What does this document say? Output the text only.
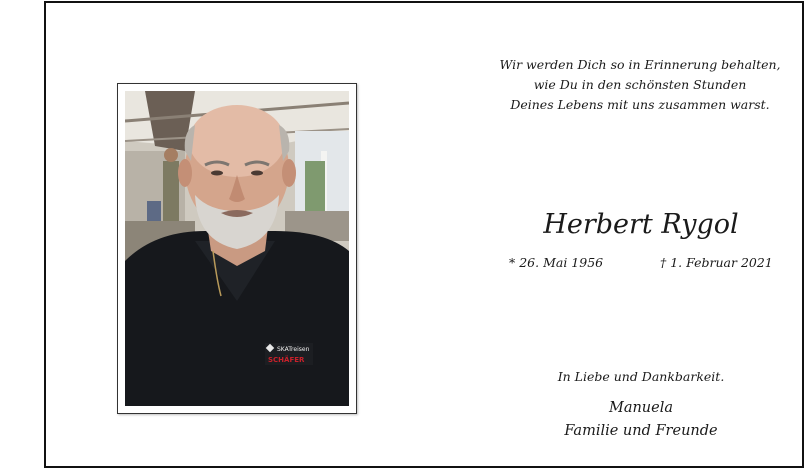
SKATreisen
SCHÄFER
Wir werden Dich so in Erinnerung behalten,
wie Du in den schönsten Stunden
Deines Lebens mit uns zusammen warst.
Herbert Rygol
* 26. Mai 1956	† 1. Februar 2021
In Liebe und Dankbarkeit.
Manuela
Familie und Freunde
